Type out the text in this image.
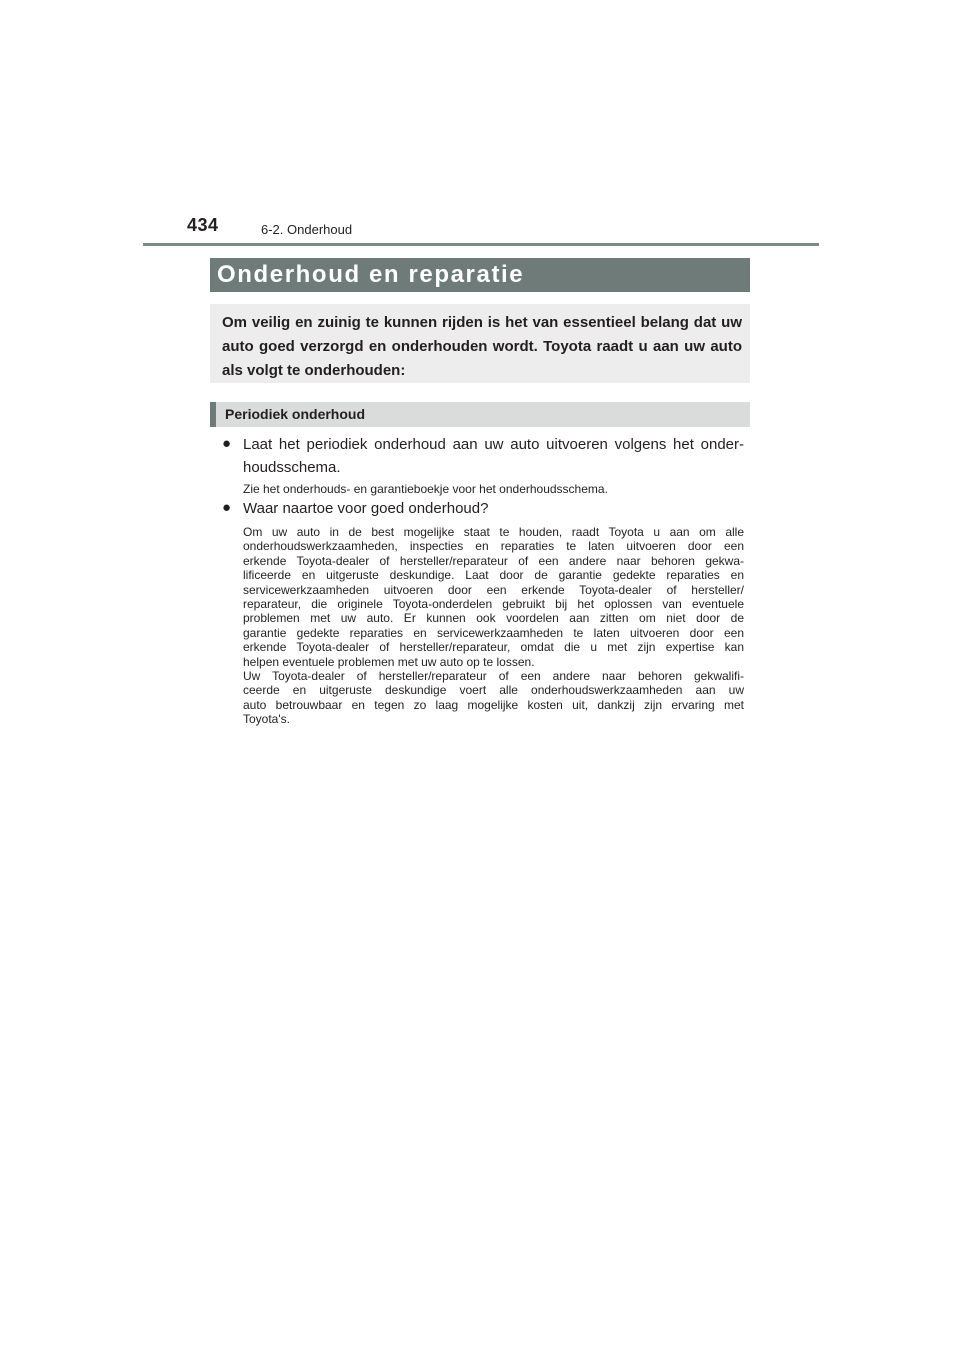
434	6-2. Onderhoud
Onderhoud en reparatie
Om veilig en zuinig te kunnen rijden is het van essentieel belang dat uw
auto goed verzorgd en onderhouden wordt. Toyota raadt u aan uw auto
als volgt te onderhouden:
Periodiek onderhoud
● Laat het periodiek onderhoud aan uw auto uitvoeren volgens het onder-
houdsschema.
Zie het onderhouds- en garantieboekje voor het onderhoudsschema.
● Waar naartoe voor goed onderhoud?
Om uw auto in de best mogelijke staat te houden, raadt Toyota u aan om alle
onderhoudswerkzaamheden, inspecties en reparaties te laten uitvoeren door een
erkende Toyota-dealer of hersteller/reparateur of een andere naar behoren gekwa-
lificeerde en uitgeruste deskundige. Laat door de garantie gedekte reparaties en
servicewerkzaamheden uitvoeren door een erkende Toyota-dealer of hersteller/
reparateur, die originele Toyota-onderdelen gebruikt bij het oplossen van eventuele
problemen met uw auto. Er kunnen ook voordelen aan zitten om niet door de
garantie gedekte reparaties en servicewerkzaamheden te laten uitvoeren door een
erkende Toyota-dealer of hersteller/reparateur, omdat die u met zijn expertise kan
helpen eventuele problemen met uw auto op te lossen.
Uw Toyota-dealer of hersteller/reparateur of een andere naar behoren gekwalifi-
ceerde en uitgeruste deskundige voert alle onderhoudswerkzaamheden aan uw
auto betrouwbaar en tegen zo laag mogelijke kosten uit, dankzij zijn ervaring met
Toyota's.
